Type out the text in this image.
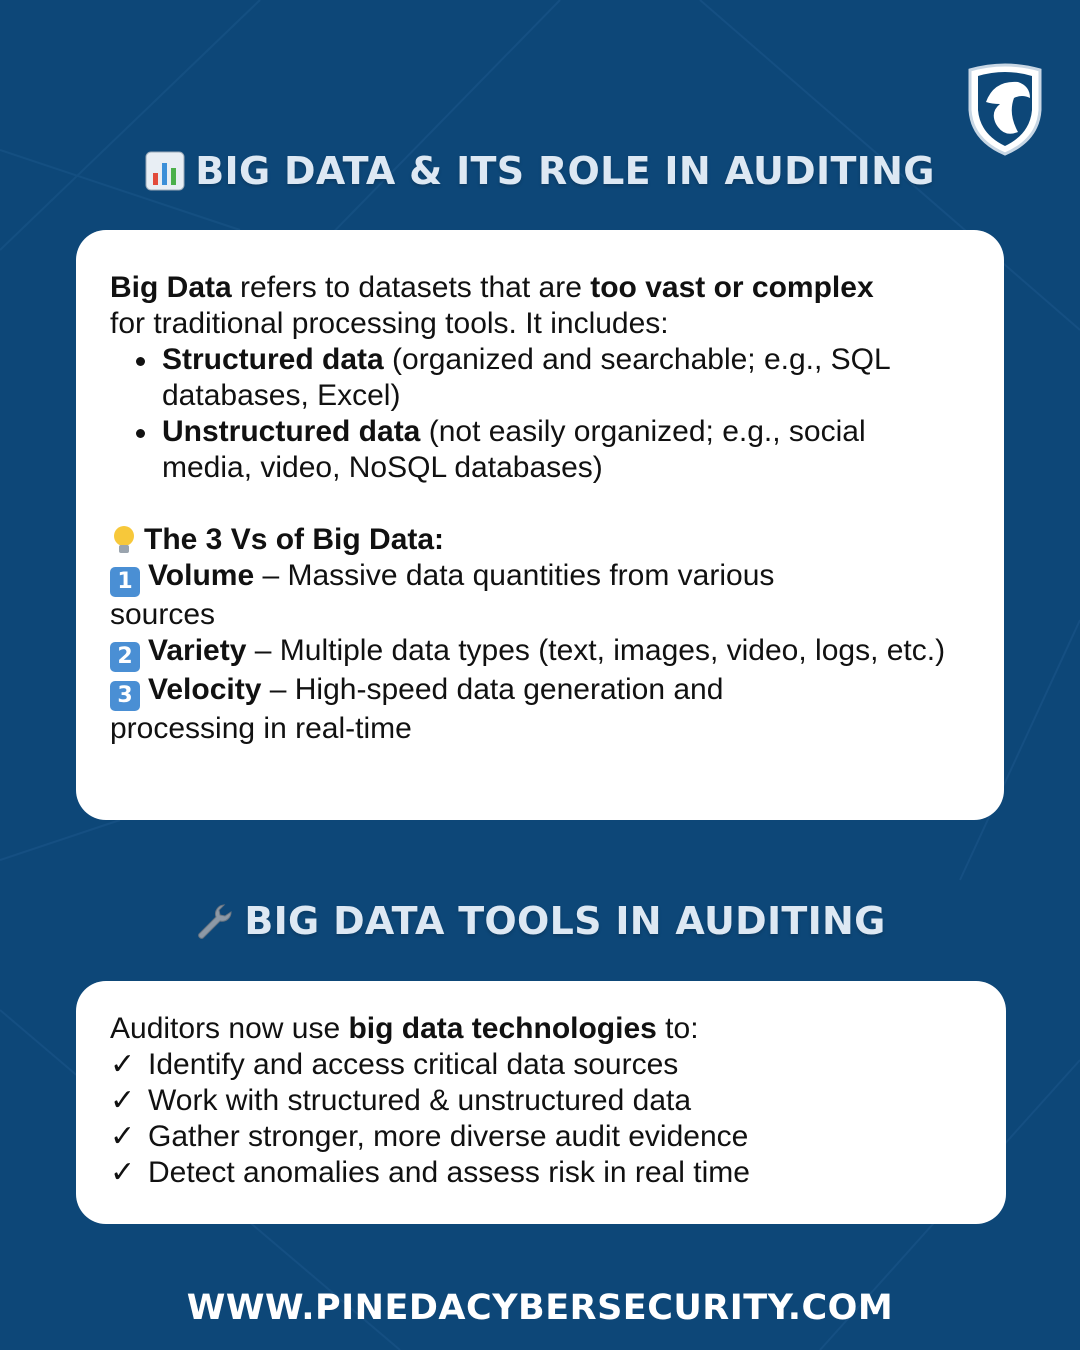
BIG DATA & ITS ROLE IN AUDITING
Big Data refers to datasets that are too vast or complex
for traditional processing tools. It includes:
Structured data (organized and searchable; e.g., SQL databases, Excel)
Unstructured data (not easily organized; e.g., social media, video, NoSQL databases)
The 3 Vs of Big Data:
1 Volume – Massive data quantities from various sources
2 Variety – Multiple data types (text, images, video, logs, etc.)
3 Velocity – High-speed data generation and processing in real-time
BIG DATA TOOLS IN AUDITING
Auditors now use big data technologies to:
✓ Identify and access critical data sources
✓ Work with structured & unstructured data
✓ Gather stronger, more diverse audit evidence
✓ Detect anomalies and assess risk in real time
WWW.PINEDACYBERSECURITY.COM
